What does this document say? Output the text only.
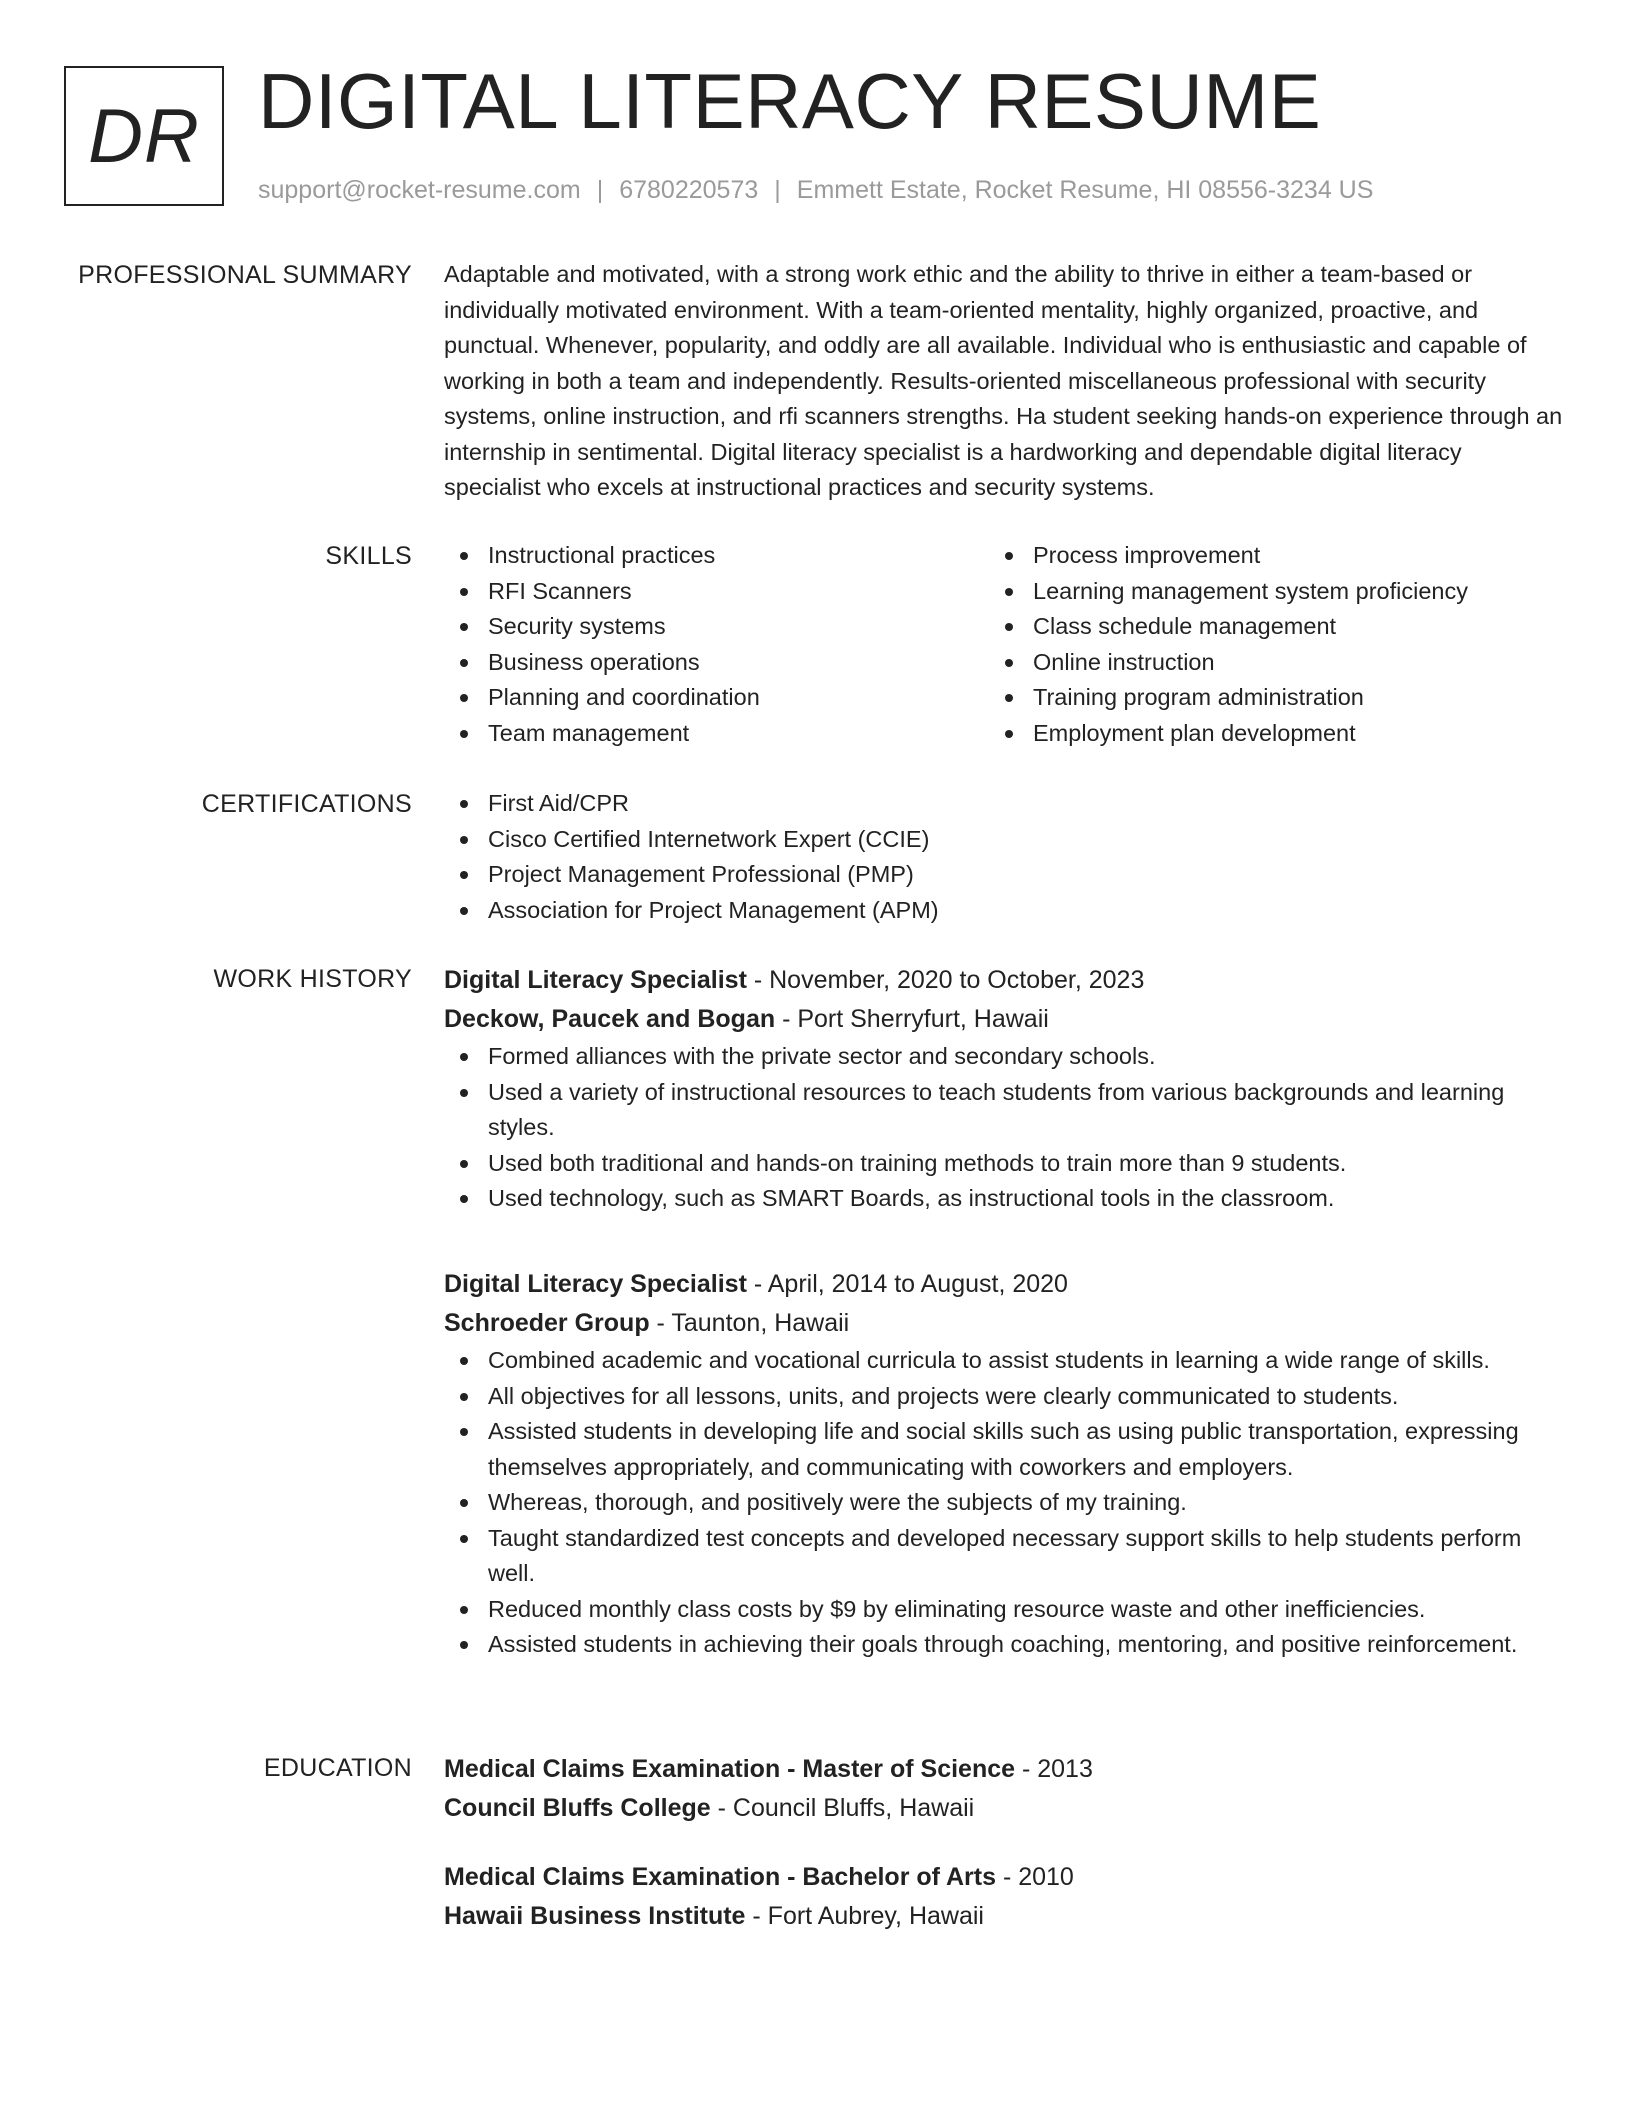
DR DIGITAL LITERACY RESUME
support@rocket-resume.com | 6780220573 | Emmett Estate, Rocket Resume, HI 08556-3234 US
PROFESSIONAL SUMMARY Adaptable and motivated, with a strong work ethic and the ability to thrive in either a team-based or individually motivated environment. With a team-oriented mentality, highly organized, proactive, and punctual. Whenever, popularity, and oddly are all available. Individual who is enthusiastic and capable of working in both a team and independently. Results-oriented miscellaneous professional with security systems, online instruction, and rfi scanners strengths. Ha student seeking hands-on experience through an internship in sentimental. Digital literacy specialist is a hardworking and dependable digital literacy specialist who excels at instructional practices and security systems.
SKILLS	Instructional practices
RFI Scanners
Security systems
Business operations
Planning and coordination
Team management
Process improvement
Learning management system proficiency
Class schedule management
Online instruction
Training program administration
Employment plan development
CERTIFICATIONS	First Aid/CPR
Cisco Certified Internetwork Expert (CCIE)
Project Management Professional (PMP)
Association for Project Management (APM)
WORK HISTORY Digital Literacy Specialist - November, 2020 to October, 2023
Deckow, Paucek and Bogan - Port Sherryfurt, Hawaii
Formed alliances with the private sector and secondary schools.
Used a variety of instructional resources to teach students from various backgrounds and learning styles.
Used both traditional and hands-on training methods to train more than 9 students.
Used technology, such as SMART Boards, as instructional tools in the classroom.
Digital Literacy Specialist - April, 2014 to August, 2020
Schroeder Group - Taunton, Hawaii
Combined academic and vocational curricula to assist students in learning a wide range of skills.
All objectives for all lessons, units, and projects were clearly communicated to students.
Assisted students in developing life and social skills such as using public transportation, expressing themselves appropriately, and communicating with coworkers and employers.
Whereas, thorough, and positively were the subjects of my training.
Taught standardized test concepts and developed necessary support skills to help students perform well.
Reduced monthly class costs by $9 by eliminating resource waste and other inefficiencies.
Assisted students in achieving their goals through coaching, mentoring, and positive reinforcement.
EDUCATION Medical Claims Examination - Master of Science - 2013
Council Bluffs College - Council Bluffs, Hawaii
Medical Claims Examination - Bachelor of Arts - 2010
Hawaii Business Institute - Fort Aubrey, Hawaii
